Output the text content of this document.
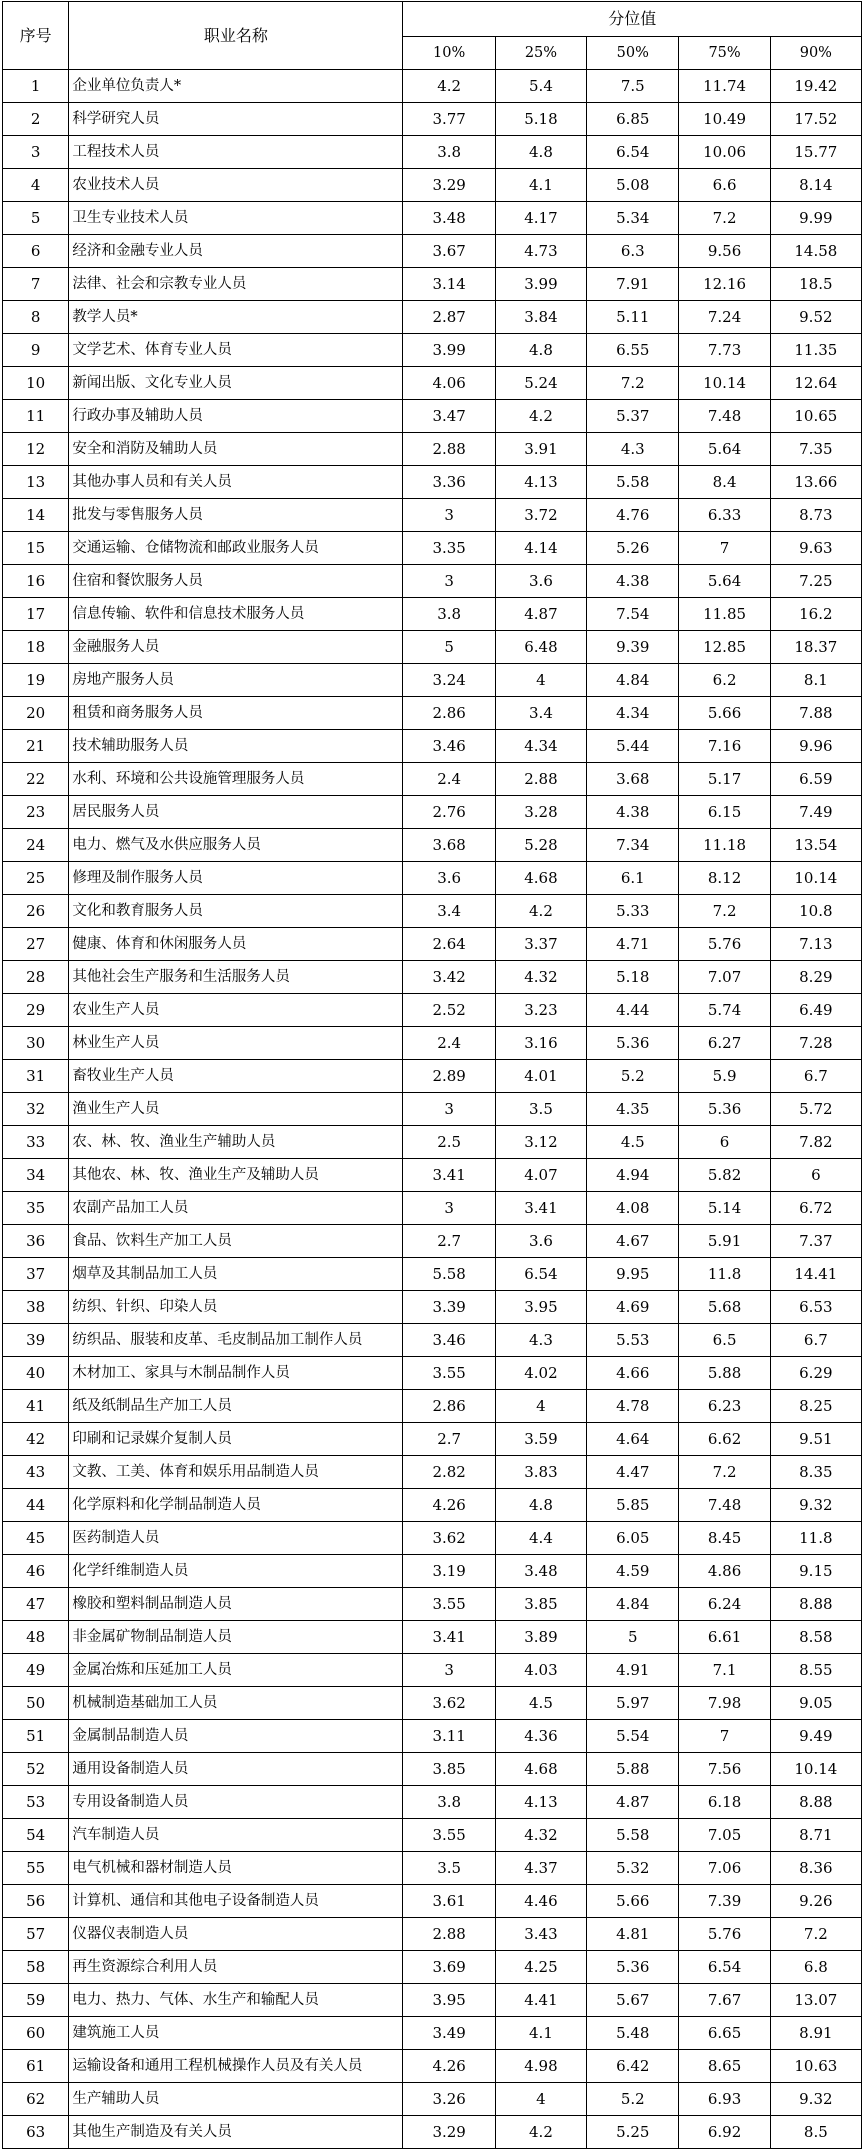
序号	职业名称	分位值				
		10%	25%	50%	75%	90%
1	企业单位负责人*	4.2	5.4	7.5	11.74	19.42
2	科学研究人员	3.77	5.18	6.85	10.49	17.52
3	工程技术人员	3.8	4.8	6.54	10.06	15.77
4	农业技术人员	3.29	4.1	5.08	6.6	8.14
5	卫生专业技术人员	3.48	4.17	5.34	7.2	9.99
6	经济和金融专业人员	3.67	4.73	6.3	9.56	14.58
7	法律、社会和宗教专业人员	3.14	3.99	7.91	12.16	18.5
8	教学人员*	2.87	3.84	5.11	7.24	9.52
9	文学艺术、体育专业人员	3.99	4.8	6.55	7.73	11.35
10	新闻出版、文化专业人员	4.06	5.24	7.2	10.14	12.64
11	行政办事及辅助人员	3.47	4.2	5.37	7.48	10.65
12	安全和消防及辅助人员	2.88	3.91	4.3	5.64	7.35
13	其他办事人员和有关人员	3.36	4.13	5.58	8.4	13.66
14	批发与零售服务人员	3	3.72	4.76	6.33	8.73
15	交通运输、仓储物流和邮政业服务人员	3.35	4.14	5.26	7	9.63
16	住宿和餐饮服务人员	3	3.6	4.38	5.64	7.25
17	信息传输、软件和信息技术服务人员	3.8	4.87	7.54	11.85	16.2
18	金融服务人员	5	6.48	9.39	12.85	18.37
19	房地产服务人员	3.24	4	4.84	6.2	8.1
20	租赁和商务服务人员	2.86	3.4	4.34	5.66	7.88
21	技术辅助服务人员	3.46	4.34	5.44	7.16	9.96
22	水利、环境和公共设施管理服务人员	2.4	2.88	3.68	5.17	6.59
23	居民服务人员	2.76	3.28	4.38	6.15	7.49
24	电力、燃气及水供应服务人员	3.68	5.28	7.34	11.18	13.54
25	修理及制作服务人员	3.6	4.68	6.1	8.12	10.14
26	文化和教育服务人员	3.4	4.2	5.33	7.2	10.8
27	健康、体育和休闲服务人员	2.64	3.37	4.71	5.76	7.13
28	其他社会生产服务和生活服务人员	3.42	4.32	5.18	7.07	8.29
29	农业生产人员	2.52	3.23	4.44	5.74	6.49
30	林业生产人员	2.4	3.16	5.36	6.27	7.28
31	畜牧业生产人员	2.89	4.01	5.2	5.9	6.7
32	渔业生产人员	3	3.5	4.35	5.36	5.72
33	农、林、牧、渔业生产辅助人员	2.5	3.12	4.5	6	7.82
34	其他农、林、牧、渔业生产及辅助人员	3.41	4.07	4.94	5.82	6
35	农副产品加工人员	3	3.41	4.08	5.14	6.72
36	食品、饮料生产加工人员	2.7	3.6	4.67	5.91	7.37
37	烟草及其制品加工人员	5.58	6.54	9.95	11.8	14.41
38	纺织、针织、印染人员	3.39	3.95	4.69	5.68	6.53
39	纺织品、服装和皮革、毛皮制品加工制作人员	3.46	4.3	5.53	6.5	6.7
40	木材加工、家具与木制品制作人员	3.55	4.02	4.66	5.88	6.29
41	纸及纸制品生产加工人员	2.86	4	4.78	6.23	8.25
42	印刷和记录媒介复制人员	2.7	3.59	4.64	6.62	9.51
43	文教、工美、体育和娱乐用品制造人员	2.82	3.83	4.47	7.2	8.35
44	化学原料和化学制品制造人员	4.26	4.8	5.85	7.48	9.32
45	医药制造人员	3.62	4.4	6.05	8.45	11.8
46	化学纤维制造人员	3.19	3.48	4.59	4.86	9.15
47	橡胶和塑料制品制造人员	3.55	3.85	4.84	6.24	8.88
48	非金属矿物制品制造人员	3.41	3.89	5	6.61	8.58
49	金属冶炼和压延加工人员	3	4.03	4.91	7.1	8.55
50	机械制造基础加工人员	3.62	4.5	5.97	7.98	9.05
51	金属制品制造人员	3.11	4.36	5.54	7	9.49
52	通用设备制造人员	3.85	4.68	5.88	7.56	10.14
53	专用设备制造人员	3.8	4.13	4.87	6.18	8.88
54	汽车制造人员	3.55	4.32	5.58	7.05	8.71
55	电气机械和器材制造人员	3.5	4.37	5.32	7.06	8.36
56	计算机、通信和其他电子设备制造人员	3.61	4.46	5.66	7.39	9.26
57	仪器仪表制造人员	2.88	3.43	4.81	5.76	7.2
58	再生资源综合利用人员	3.69	4.25	5.36	6.54	6.8
59	电力、热力、气体、水生产和输配人员	3.95	4.41	5.67	7.67	13.07
60	建筑施工人员	3.49	4.1	5.48	6.65	8.91
61	运输设备和通用工程机械操作人员及有关人员	4.26	4.98	6.42	8.65	10.63
62	生产辅助人员	3.26	4	5.2	6.93	9.32
63	其他生产制造及有关人员	3.29	4.2	5.25	6.92	8.5
